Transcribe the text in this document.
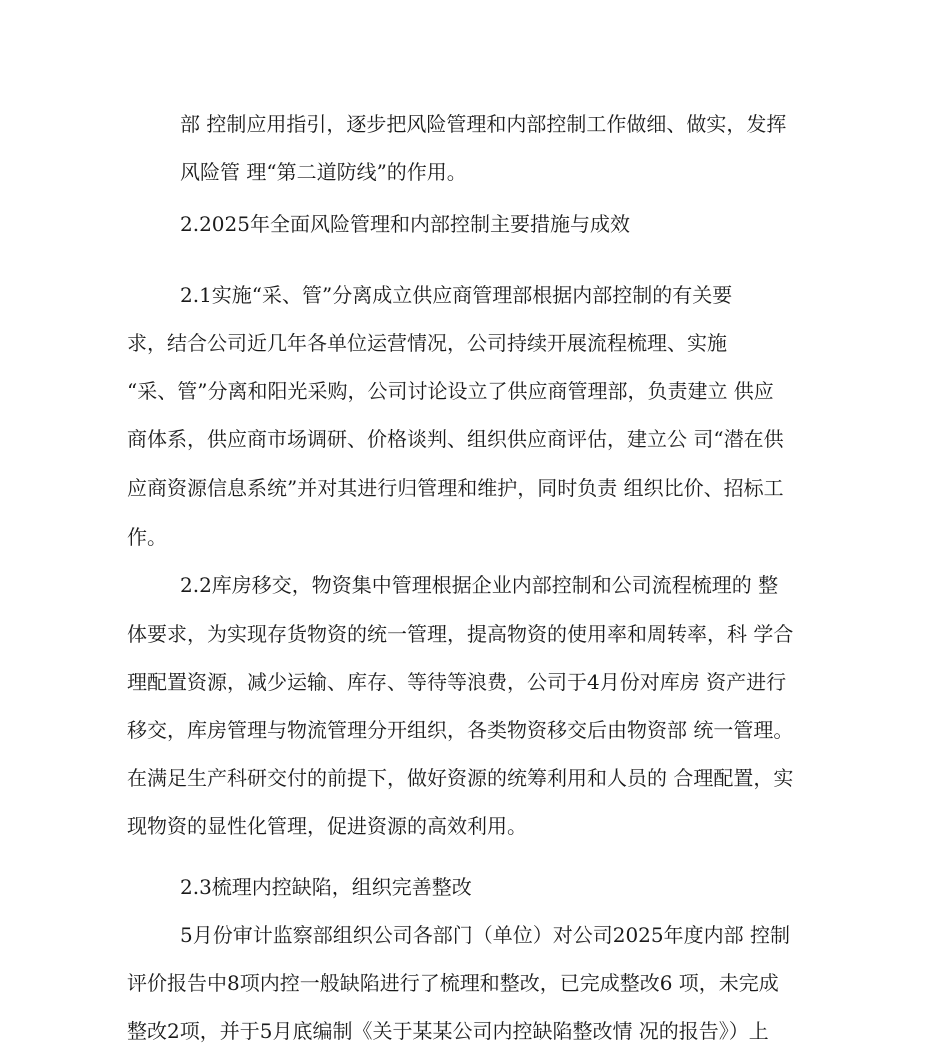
部 控制应用指引，逐步把风险管理和内部控制工作做细、做实，发挥
风险管 理“第二道防线”的作用。
2.2025年全面风险管理和内部控制主要措施与成效
2.1实施“采、管”分离成立供应商管理部根据内部控制的有关要
求，结合公司近几年各单位运营情况，公司持续开展流程梳理、实施
“采、管”分离和阳光采购，公司讨论设立了供应商管理部，负责建立 供应
商体系，供应商市场调研、价格谈判、组织供应商评估，建立公 司“潜在供
应商资源信息系统”并对其进行归管理和维护，同时负责 组织比价、招标工
作。
2.2库房移交，物资集中管理根据企业内部控制和公司流程梳理的 整
体要求，为实现存货物资的统一管理，提高物资的使用率和周转率，科 学合
理配置资源，减少运输、库存、等待等浪费，公司于4月份对库房 资产进行
移交，库房管理与物流管理分开组织，各类物资移交后由物资部 统一管理。
在满足生产科研交付的前提下，做好资源的统筹利用和人员的 合理配置，实
现物资的显性化管理，促进资源的高效利用。
2.3梳理内控缺陷，组织完善整改
5月份审计监察部组织公司各部门（单位）对公司2025年度内部 控制
评价报告中8项内控一般缺陷进行了梳理和整改，已完成整改6 项，未完成
整改2项，并于5月底编制《关于某某公司内控缺陷整改情 况的报告》）上
